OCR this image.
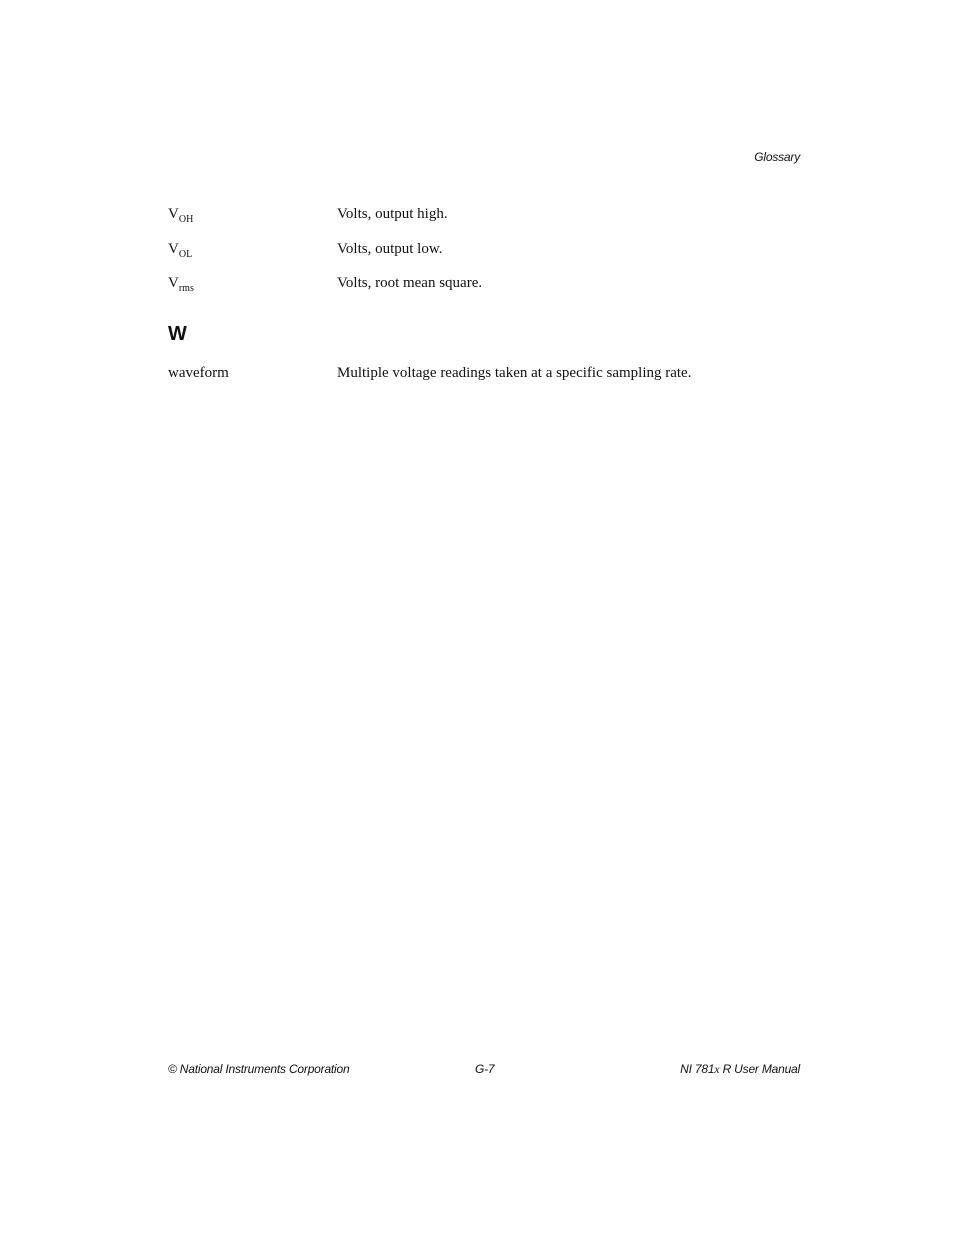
Glossary
$V_{OH}$	Volts, output high.
$V_{OL}$	Volts, output low.
$V_{rms}$	Volts, root mean square.
W
waveform	Multiple voltage readings taken at a specific sampling rate.
© National Instruments Corporation	G-7	NI 781x R User Manual
